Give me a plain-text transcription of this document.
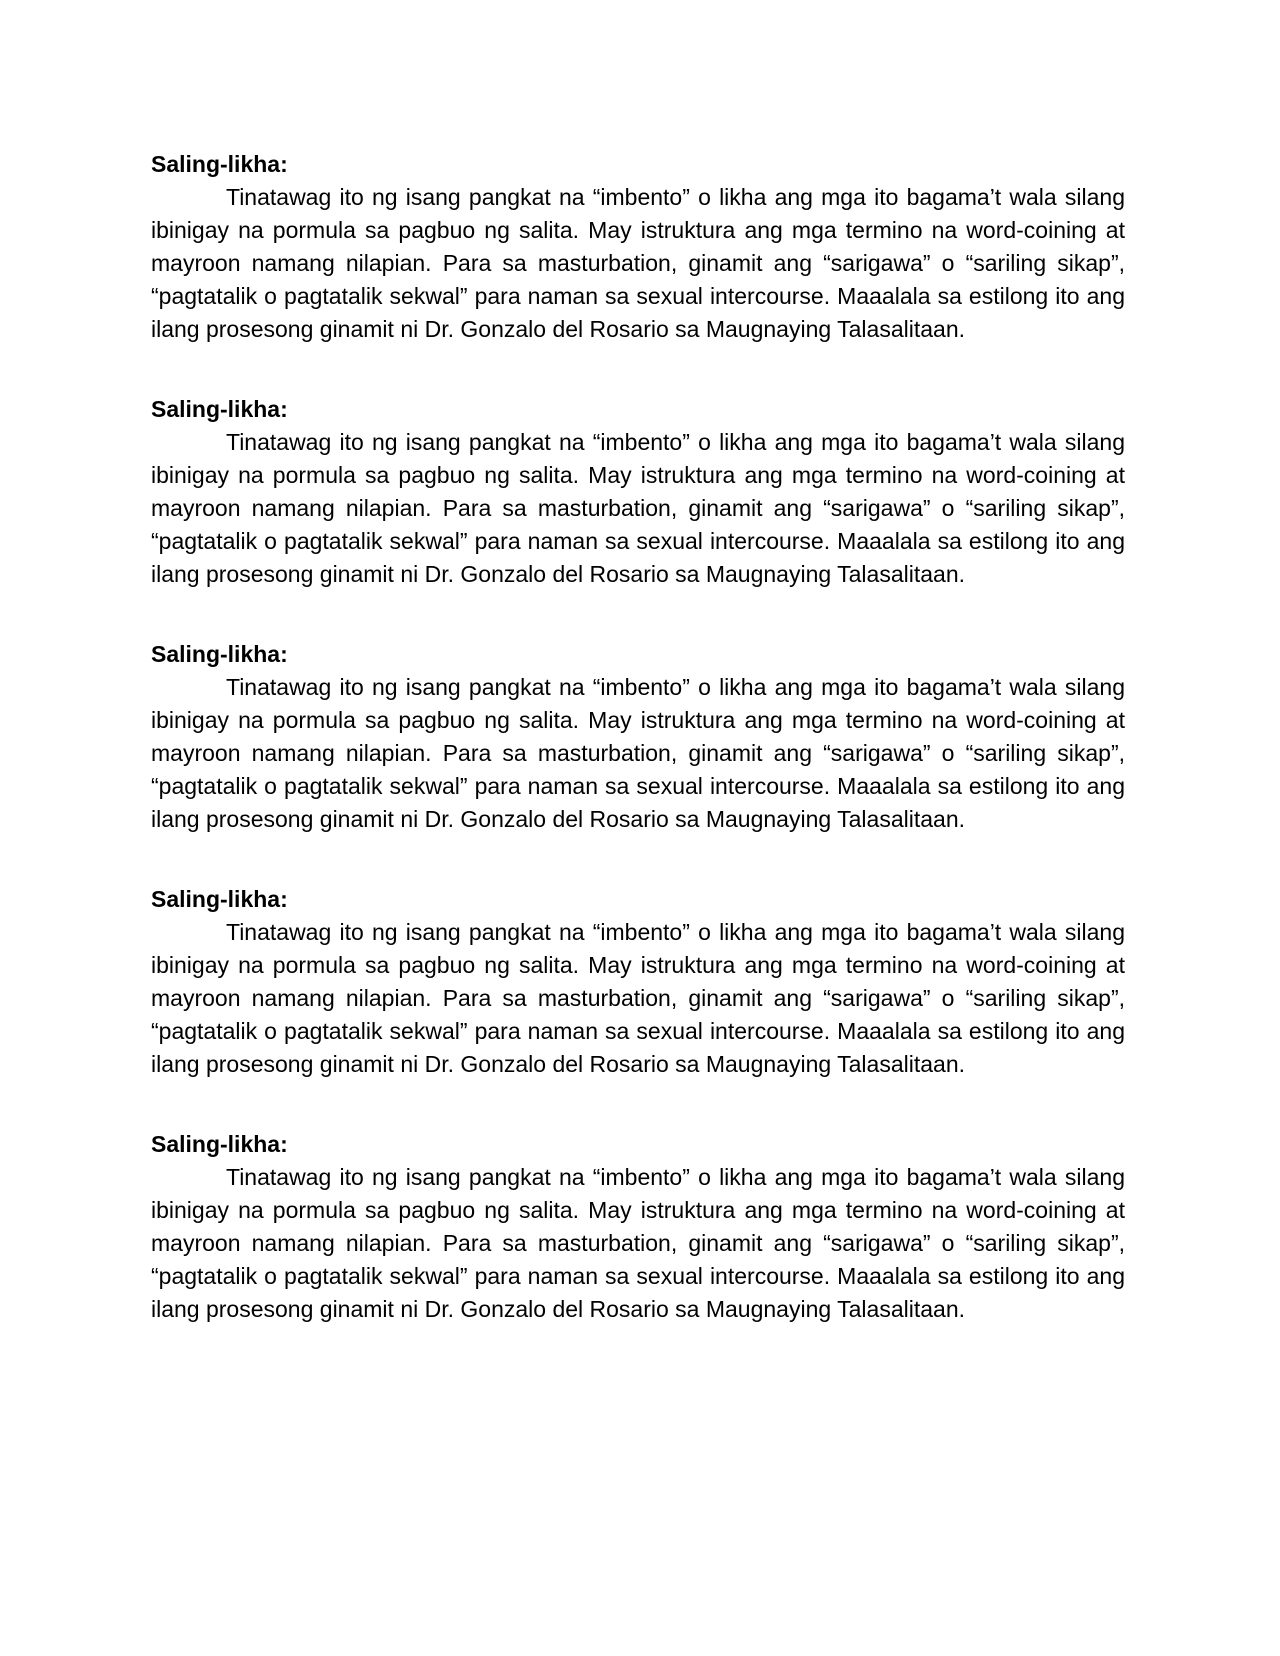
Saling-likha:

Tinatawag ito ng isang pangkat na “imbento” o likha ang mga ito bagama’t wala silang ibinigay na pormula sa pagbuo ng salita. May istruktura ang mga termino na word-coining at mayroon namang nilapian. Para sa masturbation, ginamit ang “sarigawa” o “sariling sikap”, “pagtatalik o pagtatalik sekwal” para naman sa sexual intercourse. Maaalala sa estilong ito ang ilang prosesong ginamit ni Dr. Gonzalo del Rosario sa Maugnaying Talasalitaan.

Saling-likha:

Tinatawag ito ng isang pangkat na “imbento” o likha ang mga ito bagama’t wala silang ibinigay na pormula sa pagbuo ng salita. May istruktura ang mga termino na word-coining at mayroon namang nilapian. Para sa masturbation, ginamit ang “sarigawa” o “sariling sikap”, “pagtatalik o pagtatalik sekwal” para naman sa sexual intercourse. Maaalala sa estilong ito ang ilang prosesong ginamit ni Dr. Gonzalo del Rosario sa Maugnaying Talasalitaan.

Saling-likha:

Tinatawag ito ng isang pangkat na “imbento” o likha ang mga ito bagama’t wala silang ibinigay na pormula sa pagbuo ng salita. May istruktura ang mga termino na word-coining at mayroon namang nilapian. Para sa masturbation, ginamit ang “sarigawa” o “sariling sikap”, “pagtatalik o pagtatalik sekwal” para naman sa sexual intercourse. Maaalala sa estilong ito ang ilang prosesong ginamit ni Dr. Gonzalo del Rosario sa Maugnaying Talasalitaan.

Saling-likha:

Tinatawag ito ng isang pangkat na “imbento” o likha ang mga ito bagama’t wala silang ibinigay na pormula sa pagbuo ng salita. May istruktura ang mga termino na word-coining at mayroon namang nilapian. Para sa masturbation, ginamit ang “sarigawa” o “sariling sikap”, “pagtatalik o pagtatalik sekwal” para naman sa sexual intercourse. Maaalala sa estilong ito ang ilang prosesong ginamit ni Dr. Gonzalo del Rosario sa Maugnaying Talasalitaan.

Saling-likha:

Tinatawag ito ng isang pangkat na “imbento” o likha ang mga ito bagama’t wala silang ibinigay na pormula sa pagbuo ng salita. May istruktura ang mga termino na word-coining at mayroon namang nilapian. Para sa masturbation, ginamit ang “sarigawa” o “sariling sikap”, “pagtatalik o pagtatalik sekwal” para naman sa sexual intercourse. Maaalala sa estilong ito ang ilang prosesong ginamit ni Dr. Gonzalo del Rosario sa Maugnaying Talasalitaan.
